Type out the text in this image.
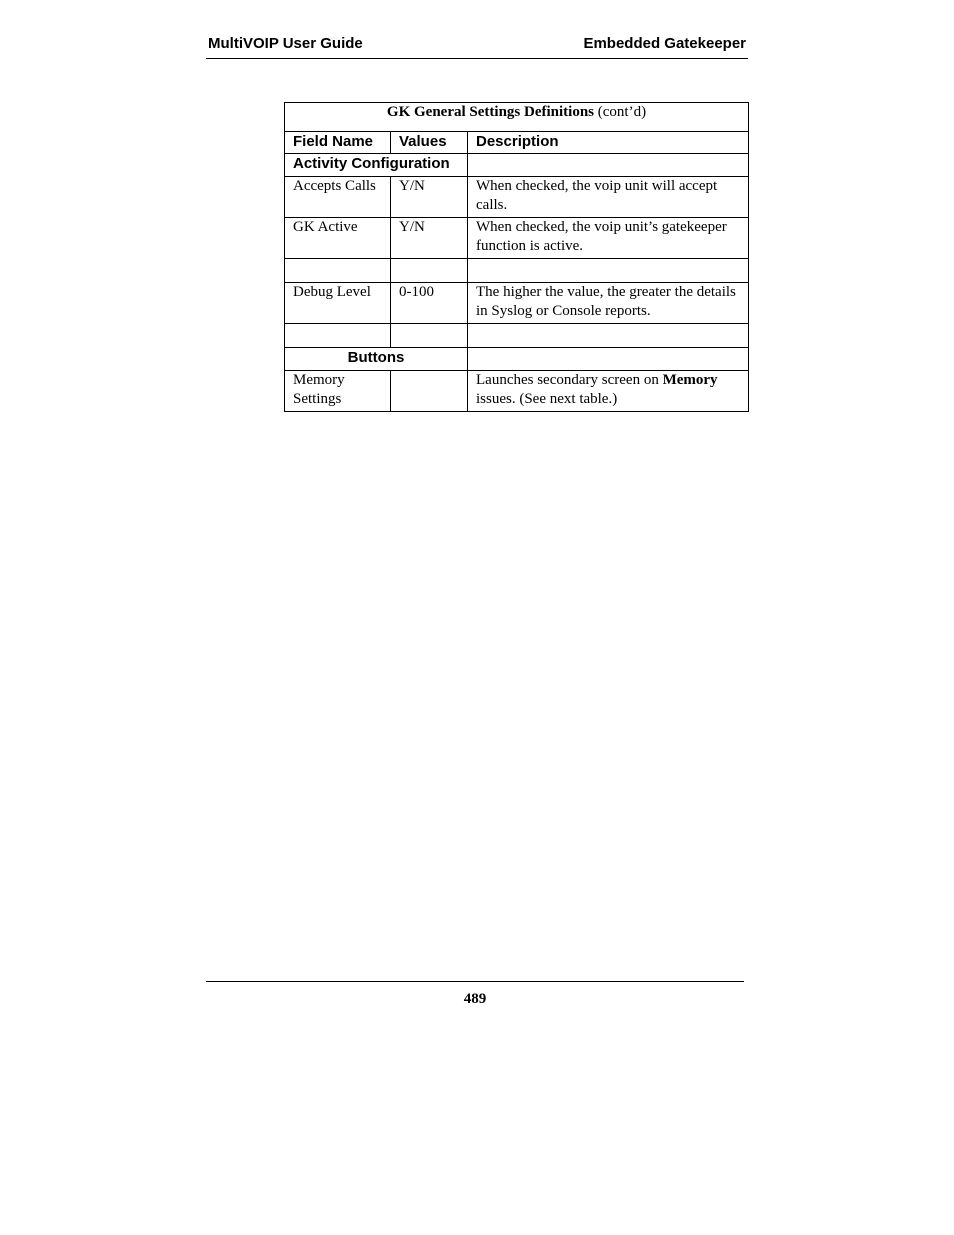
MultiVOIP User Guide	Embedded Gatekeeper
GK General Settings Definitions (cont’d)		
Field Name	Values	Description
Activity Configuration		
Accepts Calls	Y/N	When checked, the voip unit will accept calls.
GK Active	Y/N	When checked, the voip unit’s gatekeeper function is active.

Debug Level	0-100	The higher the value, the greater the details in Syslog or Console reports.

Buttons		
Memory Settings		Launches secondary screen on Memory issues. (See next table.)
489
